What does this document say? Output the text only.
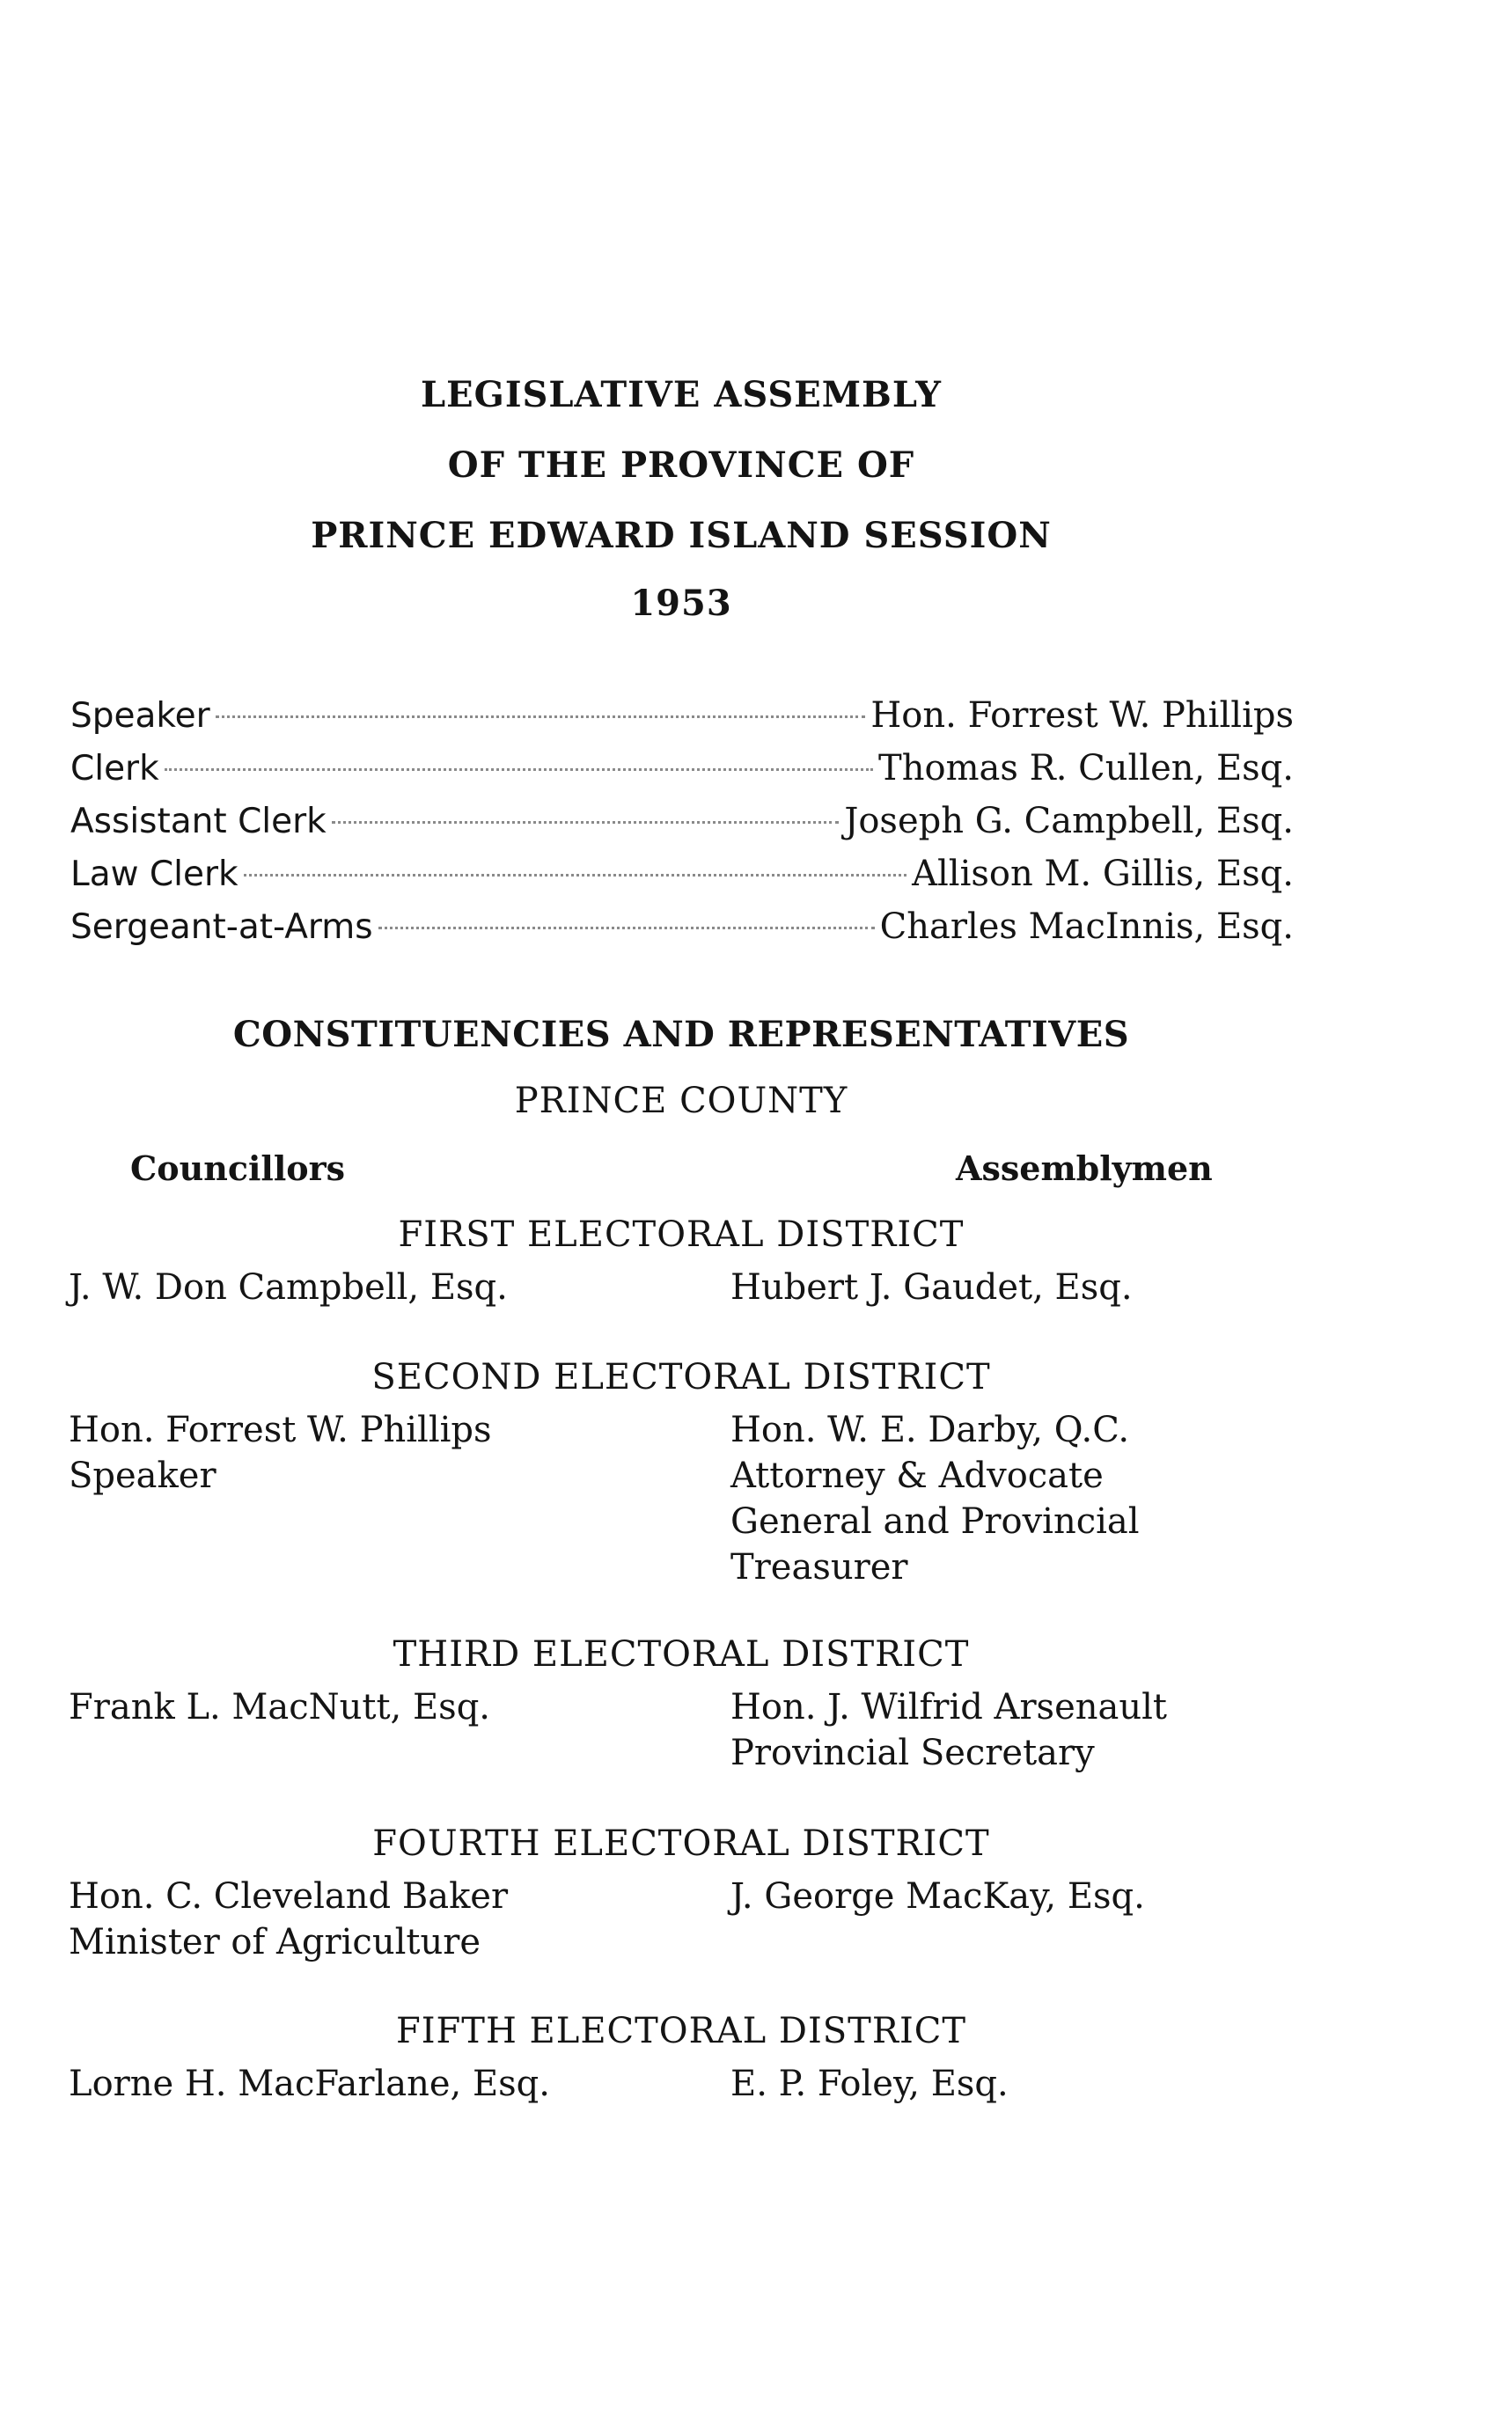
LEGISLATIVE ASSEMBLY
OF THE PROVINCE OF
PRINCE EDWARD ISLAND SESSION
1953
Speaker	Hon. Forrest W. Phillips
Clerk	Thomas R. Cullen, Esq.
Assistant Clerk	Joseph G. Campbell, Esq.
Law Clerk	Allison M. Gillis, Esq.
Sergeant-at-Arms	Charles MacInnis, Esq.
CONSTITUENCIES AND REPRESENTATIVES
PRINCE COUNTY
Councillors	Assemblymen
FIRST ELECTORAL DISTRICT
J. W. Don Campbell, Esq.	Hubert J. Gaudet, Esq.
SECOND ELECTORAL DISTRICT
Hon. Forrest W. Phillips	Hon. W. E. Darby, Q.C.
Speaker	Attorney & Advocate
General and Provincial
Treasurer
THIRD ELECTORAL DISTRICT
Frank L. MacNutt, Esq.	Hon. J. Wilfrid Arsenault
Provincial Secretary
FOURTH ELECTORAL DISTRICT
Hon. C. Cleveland Baker	J. George MacKay, Esq.
Minister of Agriculture
FIFTH ELECTORAL DISTRICT
Lorne H. MacFarlane, Esq.	E. P. Foley, Esq.
